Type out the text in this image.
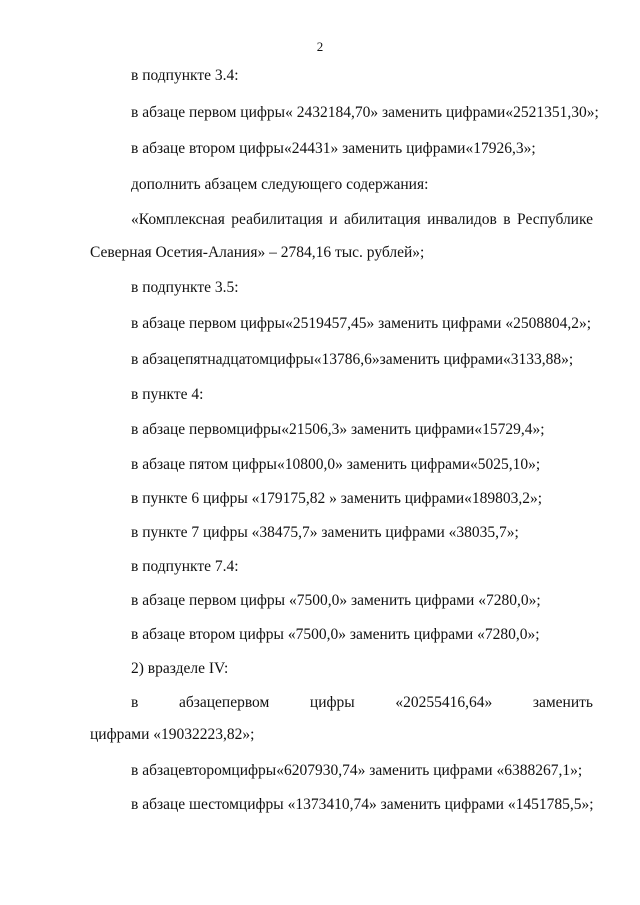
2
в подпункте 3.4:
в абзаце первом цифры« 2432184,70» заменить цифрами«2521351,30»;
в абзаце втором цифры«24431» заменить цифрами«17926,3»;
дополнить абзацем следующего содержания:
«Комплексная реабилитация и абилитация инвалидов в Республике
Северная Осетия-Алания» – 2784,16 тыс. рублей»;
в подпункте 3.5:
в абзаце первом цифры«2519457,45» заменить цифрами «2508804,2»;
в абзацепятнадцатомцифры«13786,6»заменить цифрами«3133,88»;
в пункте 4:
в абзаце первомцифры«21506,3» заменить цифрами«15729,4»;
в абзаце пятом цифры«10800,0» заменить цифрами«5025,10»;
в пункте 6 цифры «179175,82 » заменить цифрами«189803,2»;
в пункте 7 цифры «38475,7» заменить цифрами «38035,7»;
в подпункте 7.4:
в абзаце первом цифры «7500,0» заменить цифрами «7280,0»;
в абзаце втором цифры «7500,0» заменить цифрами «7280,0»;
2) вразделе IV:
в	абзацепервом	цифры	«20255416,64»	заменить
цифрами «19032223,82»;
в абзацевторомцифры«6207930,74» заменить цифрами «6388267,1»;
в абзаце шестомцифры «1373410,74» заменить цифрами «1451785,5»;
